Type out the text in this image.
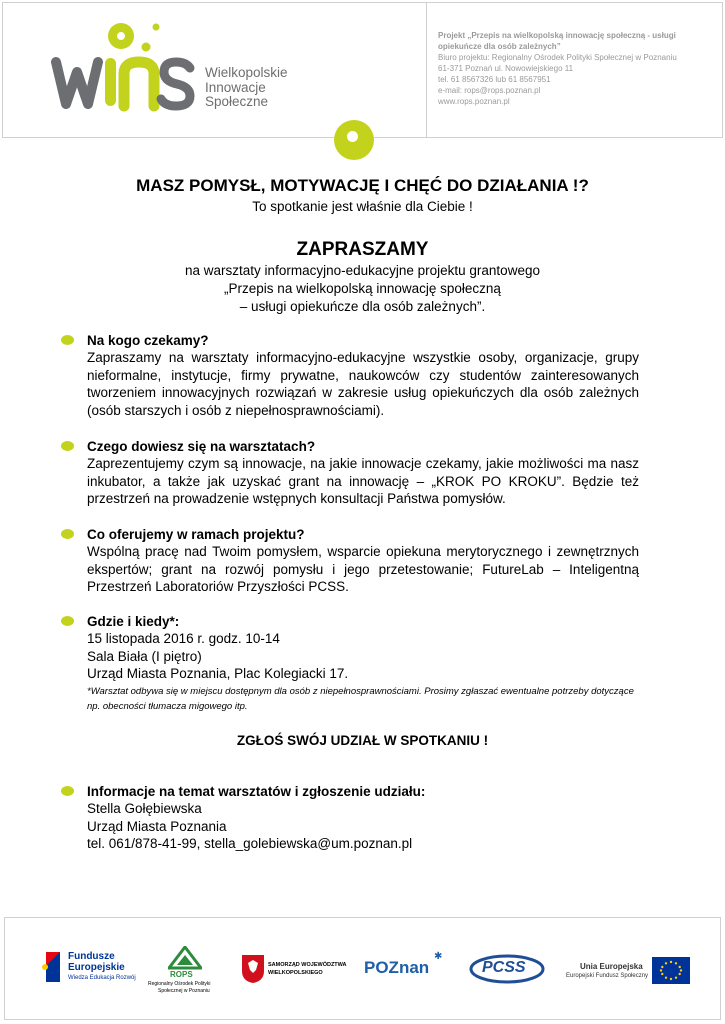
Wielkopolskie
Innowacje
Społeczne
Projekt „Przepis na wielkopolską innowację społeczną - usługi
opiekuńcze dla osób zależnych”
Biuro projektu: Regionalny Ośrodek Polityki Społecznej w Poznaniu
61-371 Poznań ul. Nowowiejskiego 11
tel. 61 8567326 lub 61 8567951
e-mail: rops@rops.poznan.pl
www.rops.poznan.pl
MASZ POMYSŁ, MOTYWACJĘ I CHĘĆ DO DZIAŁANIA !?
To spotkanie jest właśnie dla Ciebie !
ZAPRASZAMY
na warsztaty informacyjno-edukacyjne projektu grantowego
„Przepis na wielkopolską innowację społeczną
– usługi opiekuńcze dla osób zależnych”.
Na kogo czekamy?
Zapraszamy na warsztaty informacyjno-edukacyjne wszystkie osoby, organizacje, grupy nieformalne, instytucje, firmy prywatne, naukowców czy studentów zainteresowanych tworzeniem innowacyjnych rozwiązań w zakresie usług opiekuńczych dla osób zależnych (osób starszych i osób z niepełnosprawnościami).
Czego dowiesz się na warsztatach?
Zaprezentujemy czym są innowacje, na jakie innowacje czekamy, jakie możliwości ma nasz inkubator, a także jak uzyskać grant na innowację – „KROK PO KROKU”. Będzie też przestrzeń na prowadzenie wstępnych konsultacji Państwa pomysłów.
Co oferujemy w ramach projektu?
Wspólną pracę nad Twoim pomysłem, wsparcie opiekuna merytorycznego i zewnętrznych ekspertów; grant na rozwój pomysłu i jego przetestowanie; FutureLab – Inteligentną Przestrzeń Laboratoriów Przyszłości PCSS.
Gdzie i kiedy*:
15 listopada 2016 r. godz. 10-14
Sala Biała (I piętro)
Urząd Miasta Poznania, Plac Kolegiacki 17.
*Warsztat odbywa się w miejscu dostępnym dla osób z niepełnosprawnościami. Prosimy zgłaszać ewentualne potrzeby dotyczące np. obecności tłumacza migowego itp.
ZGŁOŚ SWÓJ UDZIAŁ W SPOTKANIU !
Informacje na temat warsztatów i zgłoszenie udziału:
Stella Gołębiewska
Urząd Miasta Poznania
tel. 061/878-41-99, stella_golebiewska@um.poznan.pl
Fundusze
Europejskie
Wiedza Edukacja Rozwój	ROPS
Regionalny Ośrodek Polityki
Społecznej w Poznaniu
SAMORZĄD WOJEWÓDZTWA
WIELKOPOLSKIEGO POZnan
✱
PCSS	Unia Europejska
Europejski Fundusz Społeczny
